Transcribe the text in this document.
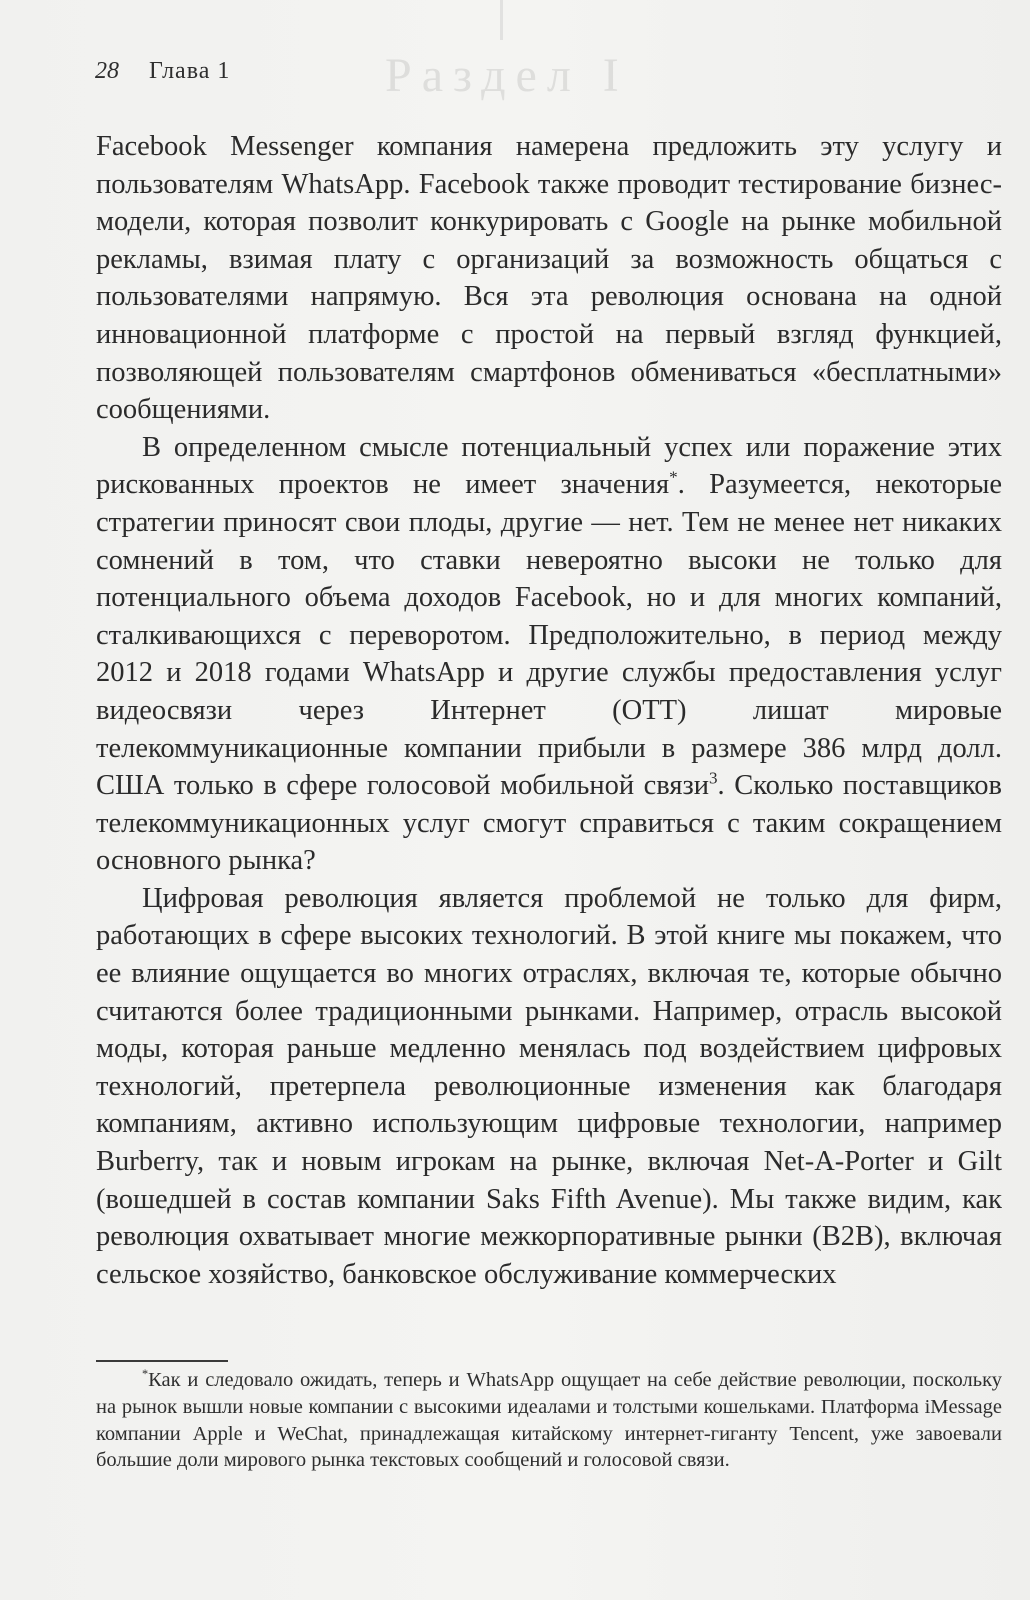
Раздел I
28 Глава 1

Facebook Messenger компания намерена предложить эту услугу и пользователям WhatsApp. Facebook также проводит тестирование бизнес-модели, которая позволит конкурировать с Google на рынке мобильной рекламы, взимая плату с организаций за возможность общаться с пользователями напрямую. Вся эта революция основана на одной инновационной платформе с простой на первый взгляд функцией, позволяющей пользователям смартфонов обмениваться «бесплатными» сообщениями.

В определенном смысле потенциальный успех или поражение этих рискованных проектов не имеет значения*. Разумеется, некоторые стратегии приносят свои плоды, другие — нет. Тем не менее нет никаких сомнений в том, что ставки невероятно высоки не только для потенциального объема доходов Facebook, но и для многих компаний, сталкивающихся с переворотом. Предположительно, в период между 2012 и 2018 годами WhatsApp и другие службы предоставления услуг видеосвязи через Интернет (OTT) лишат мировые телекоммуникационные компании прибыли в размере 386 млрд долл. США только в сфере голосовой мобильной связи$^3$. Сколько поставщиков телекоммуникационных услуг смогут справиться с таким сокращением основного рынка?

Цифровая революция является проблемой не только для фирм, работающих в сфере высоких технологий. В этой книге мы покажем, что ее влияние ощущается во многих отраслях, включая те, которые обычно считаются более традиционными рынками. Например, отрасль высокой моды, которая раньше медленно менялась под воздействием цифровых технологий, претерпела революционные изменения как благодаря компаниям, активно использующим цифровые технологии, например Burberry, так и новым игрокам на рынке, включая Net-A-Porter и Gilt (вошедшей в состав компании Saks Fifth Avenue). Мы также видим, как революция охватывает многие межкорпоративные рынки (B2B), включая сельское хозяйство, банковское обслуживание коммерческих

*Как и следовало ожидать, теперь и WhatsApp ощущает на себе действие революции, поскольку на рынок вышли новые компании с высокими идеалами и толстыми кошельками. Платформа iMessage компании Apple и WeChat, принадлежащая китайскому интернет-гиганту Tencent, уже завоевали большие доли мирового рынка текстовых сообщений и голосовой связи.
